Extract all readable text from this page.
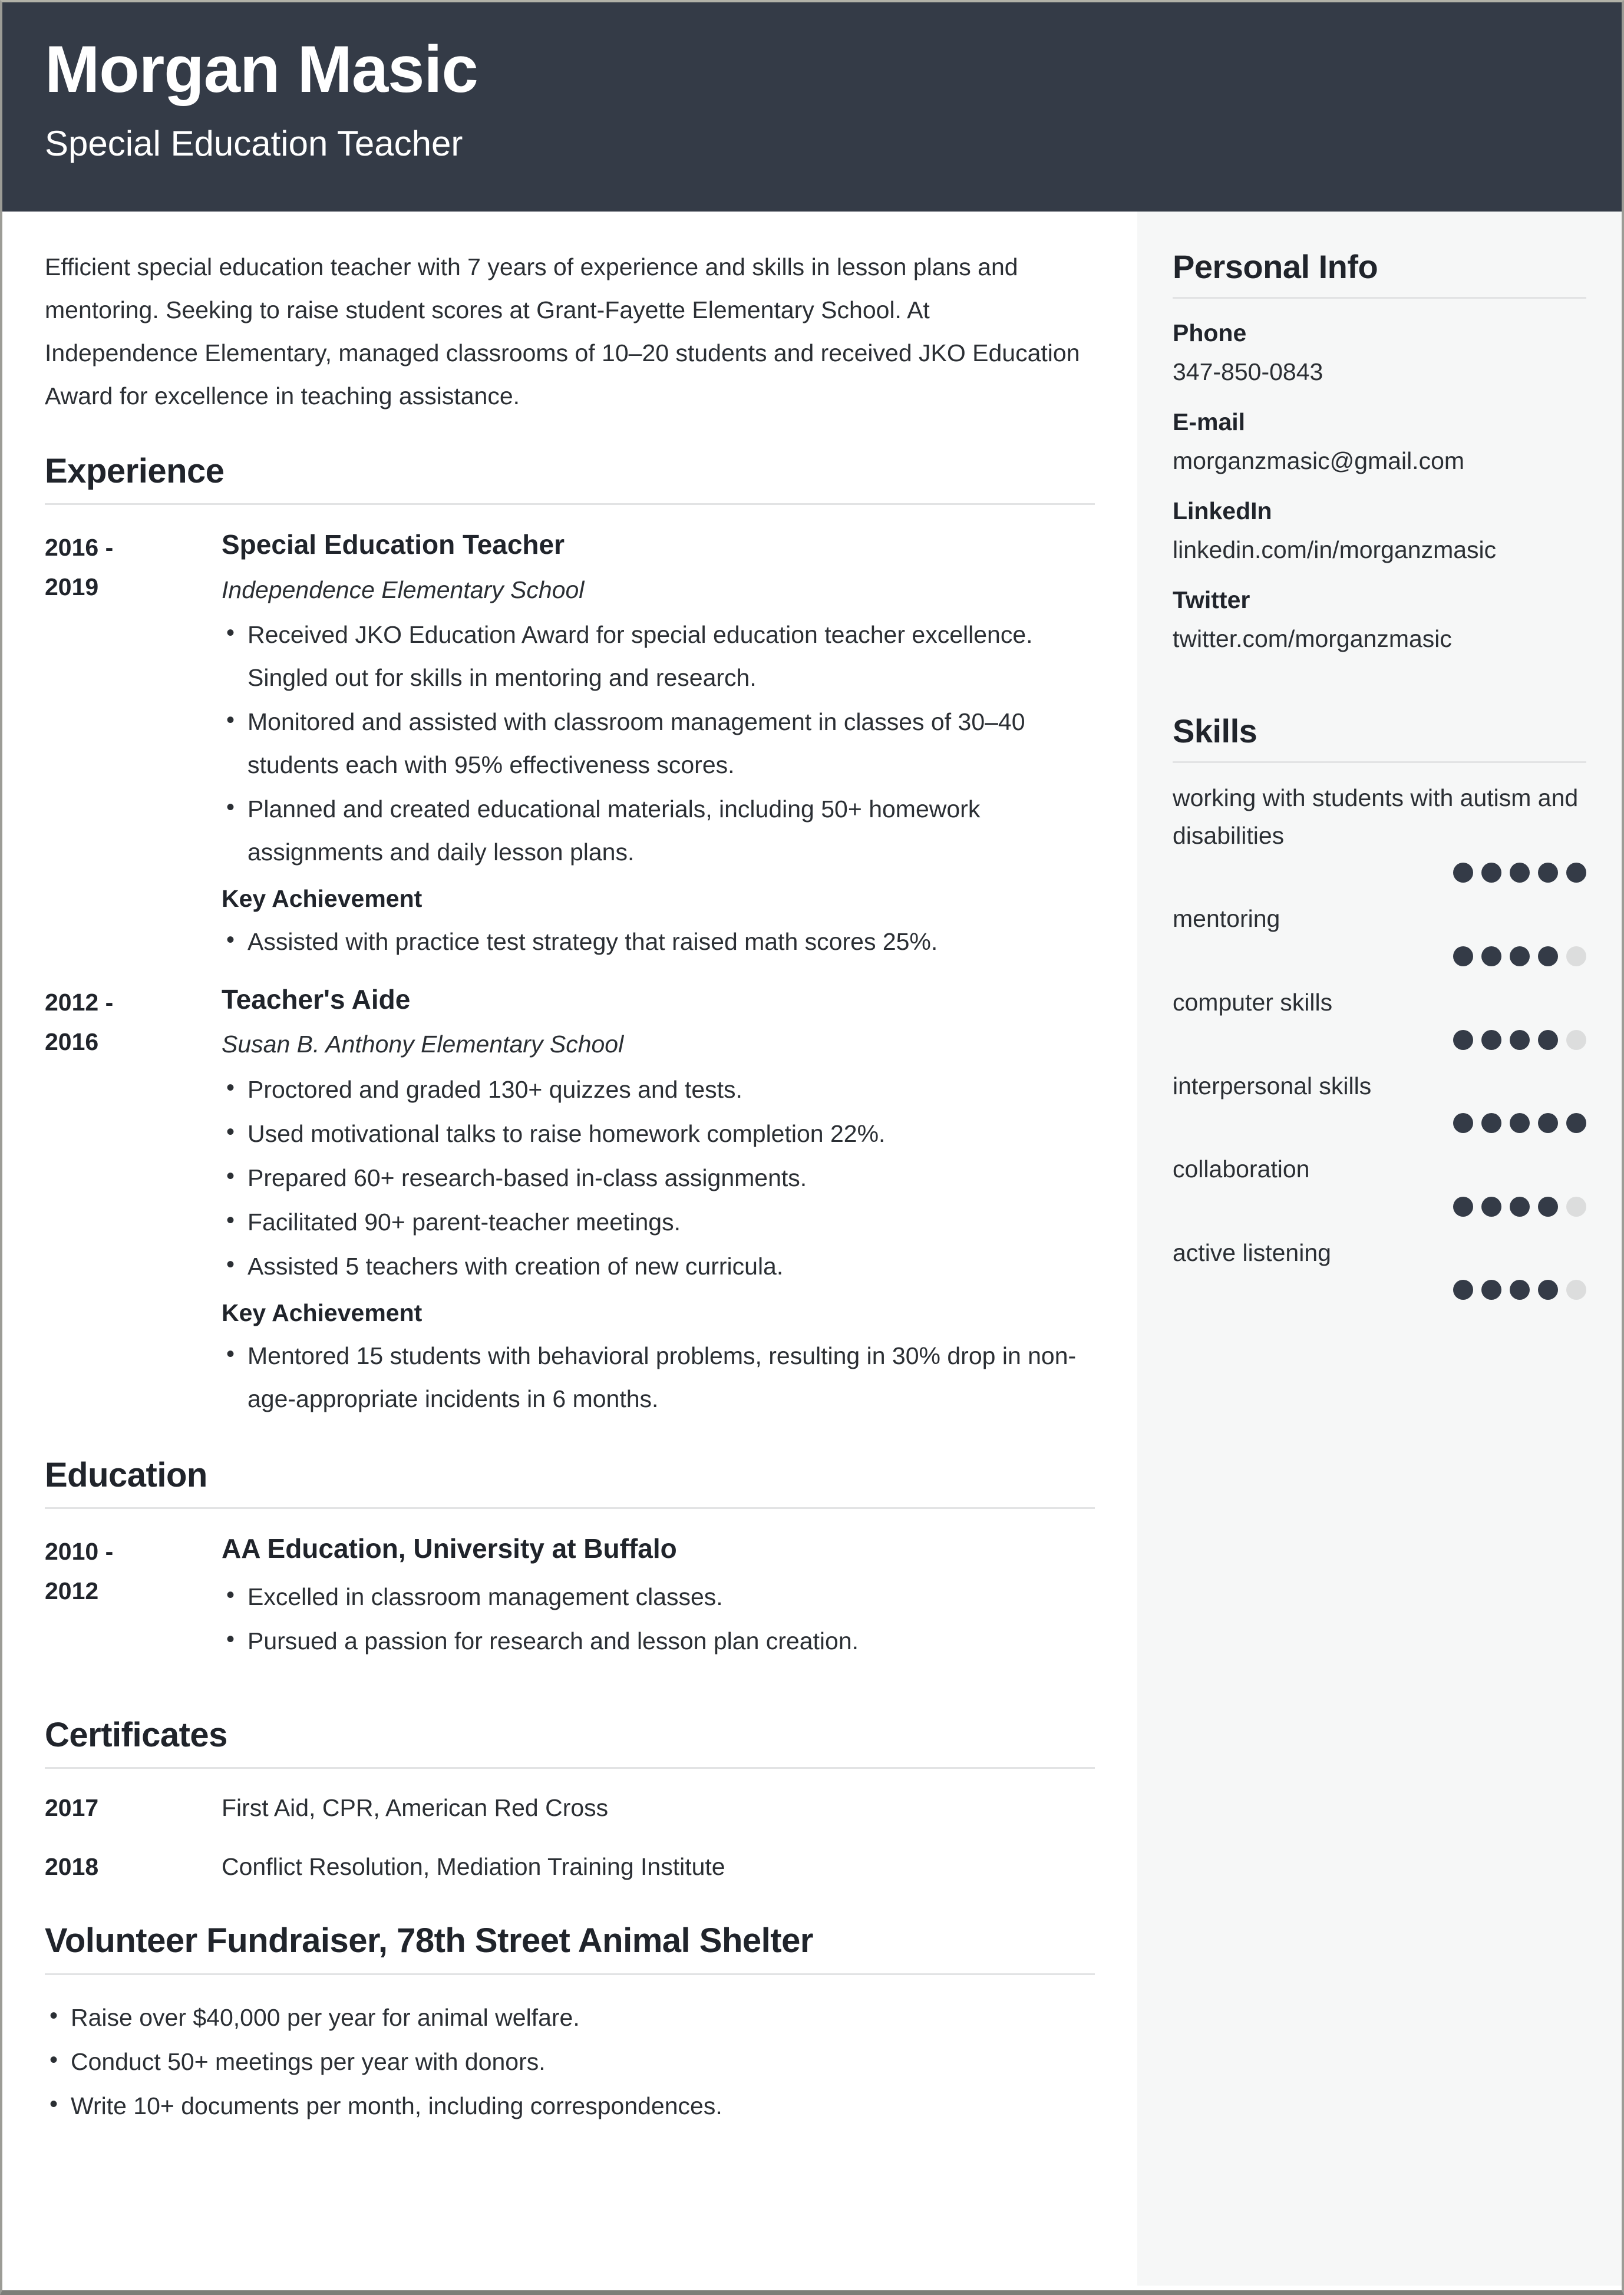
Morgan Masic

Special Education Teacher

Efficient special education teacher with 7 years of experience and skills in lesson plans and mentoring. Seeking to raise student scores at Grant-Fayette Elementary School. At Independence Elementary, managed classrooms of 10–20 students and received JKO Education Award for excellence in teaching assistance.

Experience
2016 -
2019
Special Education Teacher
Independence Elementary School
• Received JKO Education Award for special education teacher excellence. Singled out for skills in mentoring and research.
• Monitored and assisted with classroom management in classes of 30–40 students each with 95% effectiveness scores.
• Planned and created educational materials, including 50+ homework assignments and daily lesson plans.
Key Achievement
• Assisted with practice test strategy that raised math scores 25%.
2012 -
2016
Teacher's Aide
Susan B. Anthony Elementary School
• Proctored and graded 130+ quizzes and tests.
• Used motivational talks to raise homework completion 22%.
• Prepared 60+ research-based in-class assignments.
• Facilitated 90+ parent-teacher meetings.
• Assisted 5 teachers with creation of new curricula.
Key Achievement
• Mentored 15 students with behavioral problems, resulting in 30% drop in non-age-appropriate incidents in 6 months.
Education
2010 -
2012
AA Education, University at Buffalo
• Excelled in classroom management classes.
• Pursued a passion for research and lesson plan creation.
Certificates
2017	First Aid, CPR, American Red Cross
2018	Conflict Resolution, Mediation Training Institute
Volunteer Fundraiser, 78th Street Animal Shelter
• Raise over $40,000 per year for animal welfare.
• Conduct 50+ meetings per year with donors.
• Write 10+ documents per month, including correspondences.
Personal Info
Phone
347-850-0843
E-mail
morganzmasic@gmail.com
LinkedIn
linkedin.com/in/morganzmasic
Twitter
twitter.com/morganzmasic
Skills
working with students with autism and disabilities
mentoring
computer skills
interpersonal skills
collaboration
active listening
